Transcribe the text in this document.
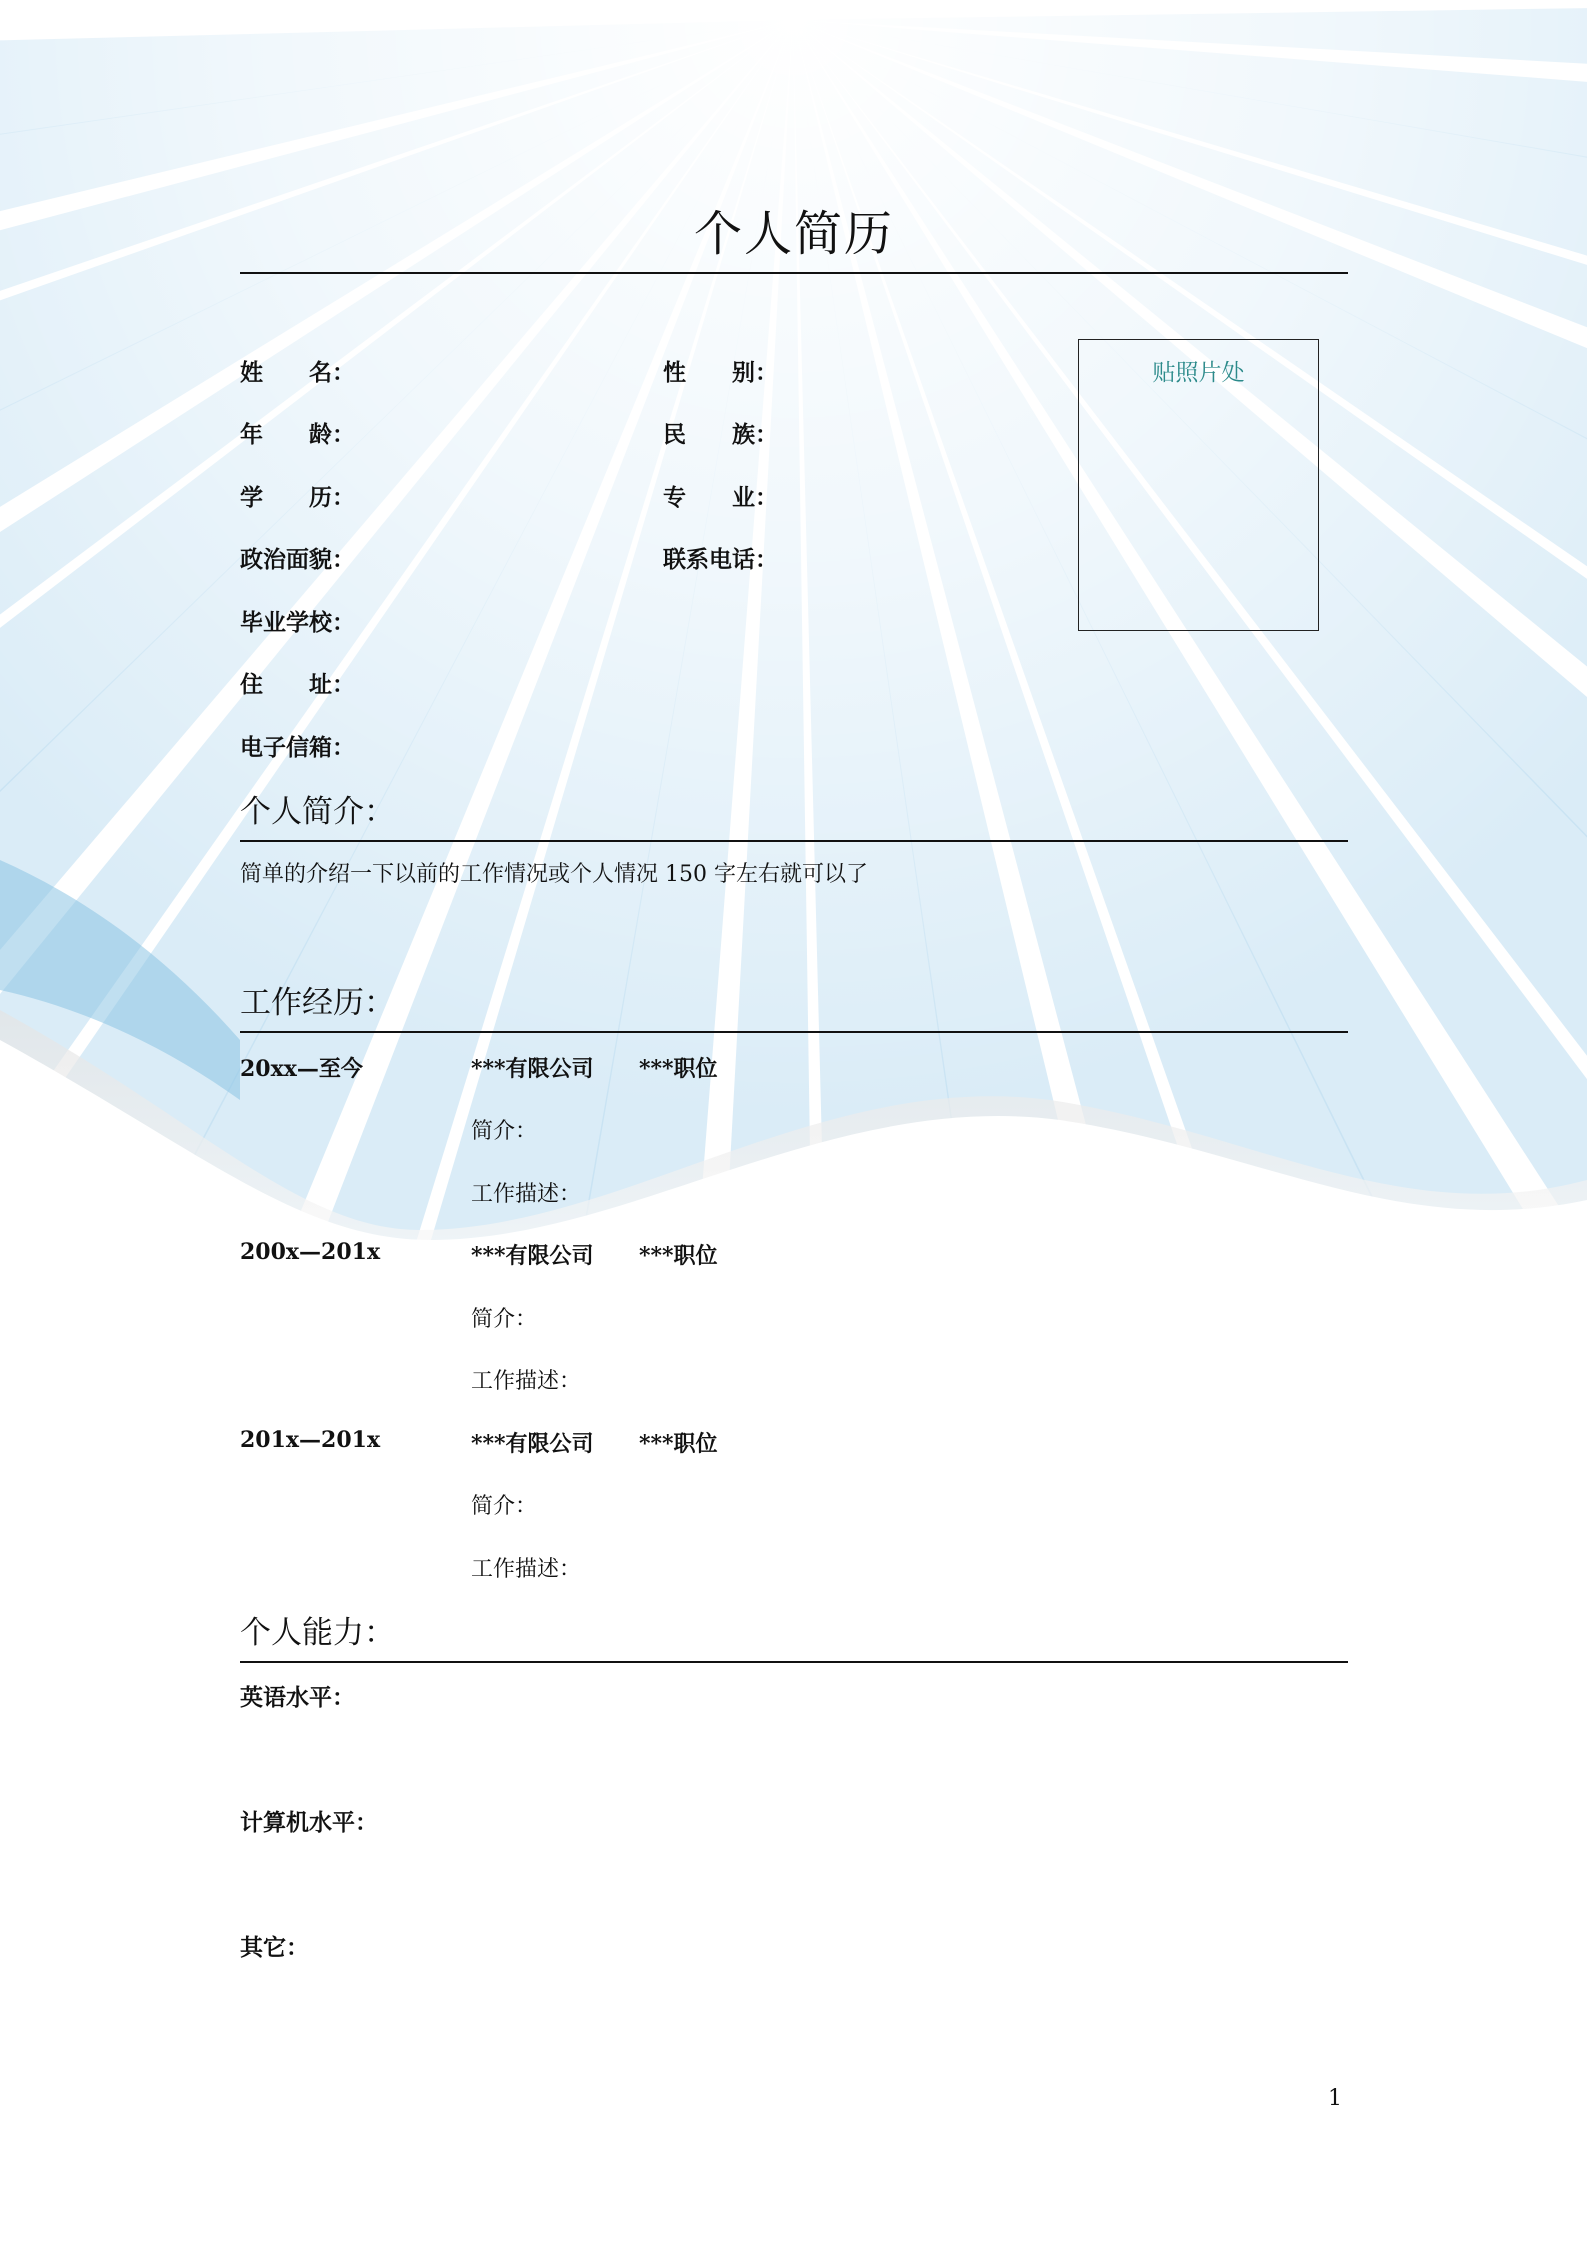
个人简历
姓　　名：	性　　别：
年　　龄：	民　　族：
学　　历：	专　　业：
政治面貌：	联系电话：
毕业学校：
住　　址：
电子信箱：
贴照片处
个人简介：
简单的介绍一下以前的工作情况或个人情况 150 字左右就可以了
工作经历：
20xx—至今	***有限公司 ***职位
简介：
工作描述：
200x—201x	***有限公司 ***职位
简介：
工作描述：
201x—201x	***有限公司 ***职位
简介：
工作描述：
个人能力：
英语水平：
计算机水平：
其它：
1
